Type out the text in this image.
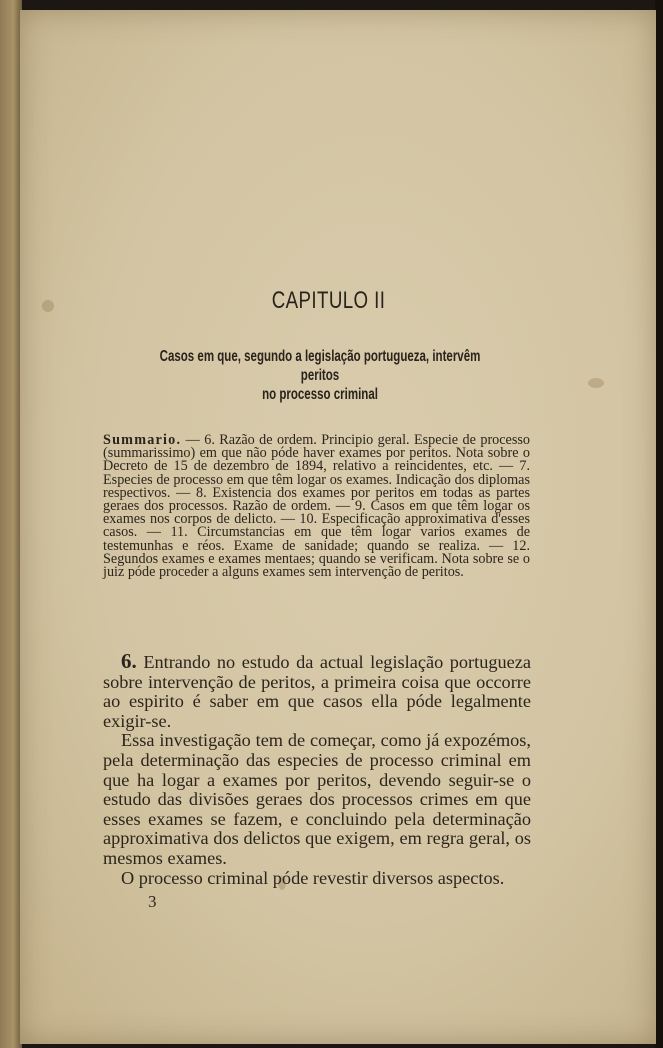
CAPITULO II
Casos em que, segundo a legislação portugueza, intervêm peritos
no processo criminal
Summario. — 6. Razão de ordem. Principio geral. Especie de processo (summarissimo) em que não póde haver exames por peritos. Nota sobre o Decreto de 15 de dezembro de 1894, relativo a reincidentes, etc. — 7. Especies de processo em que têm logar os exames. Indicação dos diplomas respectivos. — 8. Existencia dos exames por peritos em todas as partes geraes dos processos. Razão de ordem. — 9. Casos em que têm logar os exames nos corpos de delicto. — 10. Especificação approximativa d'esses casos. — 11. Circumstancias em que têm logar varios exames de testemunhas e réos. Exame de sanidade; quando se realiza. — 12. Segundos exames e exames mentaes; quando se verificam. Nota sobre se o juiz póde proceder a alguns exames sem intervenção de peritos.

6. Entrando no estudo da actual legislação portugueza sobre intervenção de peritos, a primeira coisa que occorre ao espirito é saber em que casos ella póde legalmente exigir-se.

Essa investigação tem de começar, como já expozémos, pela determinação das especies de processo criminal em que ha logar a exames por peritos, devendo seguir-se o estudo das divisões geraes dos processos crimes em que esses exames se fazem, e concluindo pela determinação approximativa dos delictos que exigem, em regra geral, os mesmos exames.

O processo criminal póde revestir diversos aspectos.

3
